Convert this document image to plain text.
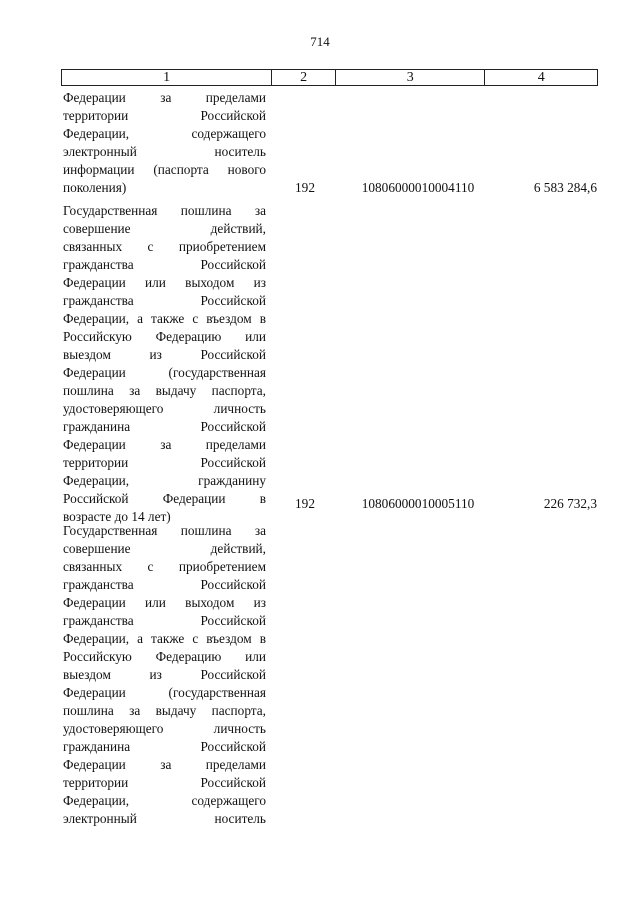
714
1	2	3	4
Федерации за пределами
территории Российской
Федерации, содержащего
электронный носитель
информации (паспорта нового
поколения)	192	10806000010004110	6 583 284,6
Государственная пошлина за
совершение действий,
связанных с приобретением
гражданства Российской
Федерации или выходом из
гражданства Российской
Федерации, а также с въездом в
Российскую Федерацию или
выездом из Российской
Федерации (государственная
пошлина за выдачу паспорта,
удостоверяющего личность
гражданина Российской
Федерации за пределами
территории Российской
Федерации, гражданину
Российской Федерации в
возрасте до 14 лет)
192	10806000010005110	226 732,3
Государственная пошлина за
совершение действий,
связанных с приобретением
гражданства Российской
Федерации или выходом из
гражданства Российской
Федерации, а также с въездом в
Российскую Федерацию или
выездом из Российской
Федерации (государственная
пошлина за выдачу паспорта,
удостоверяющего личность
гражданина Российской
Федерации за пределами
территории Российской
Федерации, содержащего
электронный носитель
